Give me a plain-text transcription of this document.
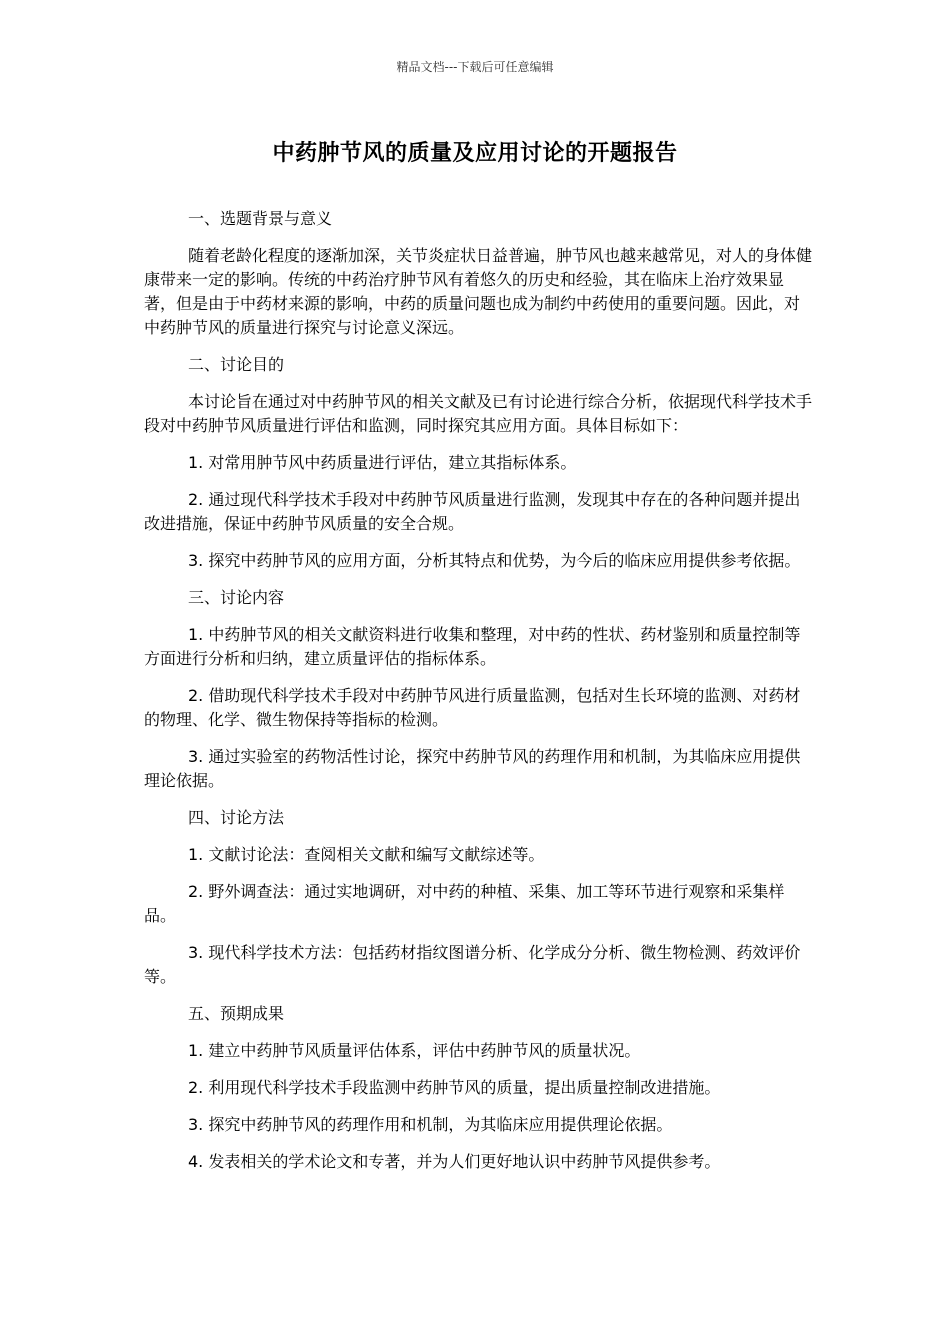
精品文档---下载后可任意编辑
中药肿节风的质量及应用讨论的开题报告

一、选题背景与意义

随着老龄化程度的逐渐加深，关节炎症状日益普遍，肿节风也越来越常见，对人的身体健康带来一定的影响。传统的中药治疗肿节风有着悠久的历史和经验，其在临床上治疗效果显著，但是由于中药材来源的影响，中药的质量问题也成为制约中药使用的重要问题。因此，对中药肿节风的质量进行探究与讨论意义深远。

二、讨论目的

本讨论旨在通过对中药肿节风的相关文献及已有讨论进行综合分析，依据现代科学技术手段对中药肿节风质量进行评估和监测，同时探究其应用方面。具体目标如下：

1. 对常用肿节风中药质量进行评估，建立其指标体系。

2. 通过现代科学技术手段对中药肿节风质量进行监测，发现其中存在的各种问题并提出改进措施，保证中药肿节风质量的安全合规。

3. 探究中药肿节风的应用方面，分析其特点和优势，为今后的临床应用提供参考依据。

三、讨论内容

1. 中药肿节风的相关文献资料进行收集和整理，对中药的性状、药材鉴别和质量控制等方面进行分析和归纳，建立质量评估的指标体系。

2. 借助现代科学技术手段对中药肿节风进行质量监测，包括对生长环境的监测、对药材的物理、化学、微生物保持等指标的检测。

3. 通过实验室的药物活性讨论，探究中药肿节风的药理作用和机制，为其临床应用提供理论依据。

四、讨论方法

1. 文献讨论法：查阅相关文献和编写文献综述等。

2. 野外调查法：通过实地调研，对中药的种植、采集、加工等环节进行观察和采集样品。

3. 现代科学技术方法：包括药材指纹图谱分析、化学成分分析、微生物检测、药效评价等。

五、预期成果

1. 建立中药肿节风质量评估体系，评估中药肿节风的质量状况。

2. 利用现代科学技术手段监测中药肿节风的质量，提出质量控制改进措施。

3. 探究中药肿节风的药理作用和机制，为其临床应用提供理论依据。

4. 发表相关的学术论文和专著，并为人们更好地认识中药肿节风提供参考。
